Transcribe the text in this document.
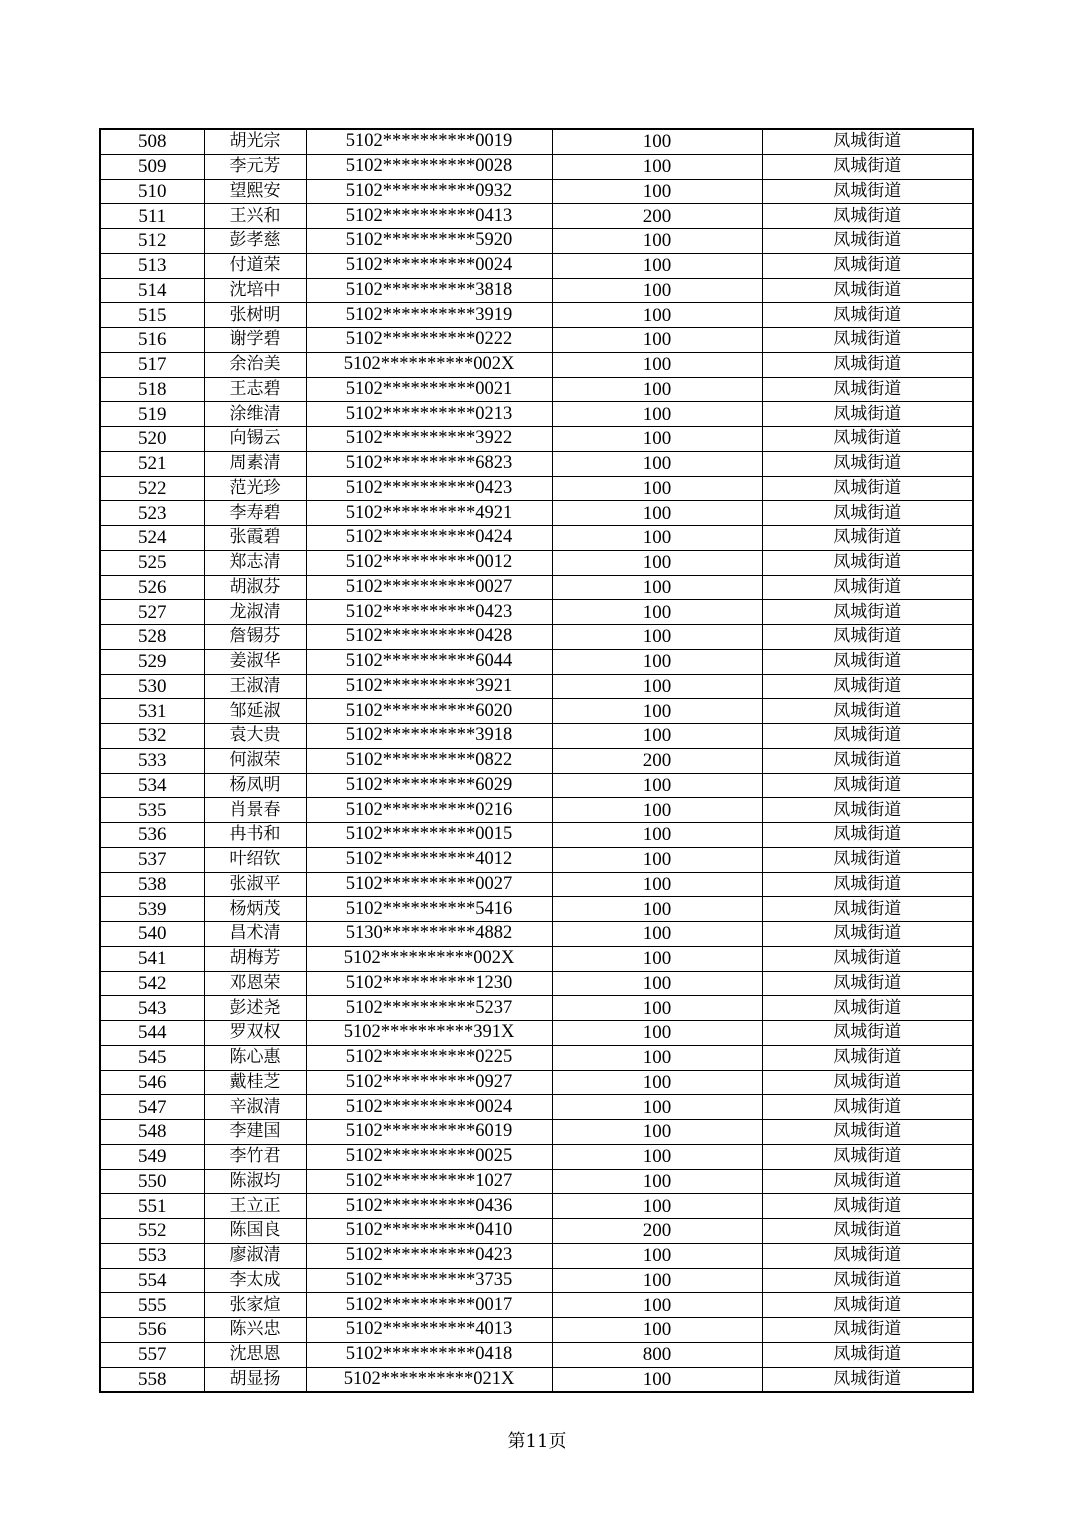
508	胡光宗	5102**********0019	100	凤城街道
509	李元芳	5102**********0028	100	凤城街道
510	望熙安	5102**********0932	100	凤城街道
511	王兴和	5102**********0413	200	凤城街道
512	彭孝慈	5102**********5920	100	凤城街道
513	付道荣	5102**********0024	100	凤城街道
514	沈培中	5102**********3818	100	凤城街道
515	张树明	5102**********3919	100	凤城街道
516	谢学碧	5102**********0222	100	凤城街道
517	余治美	5102**********002X	100	凤城街道
518	王志碧	5102**********0021	100	凤城街道
519	涂维清	5102**********0213	100	凤城街道
520	向锡云	5102**********3922	100	凤城街道
521	周素清	5102**********6823	100	凤城街道
522	范光珍	5102**********0423	100	凤城街道
523	李寿碧	5102**********4921	100	凤城街道
524	张霞碧	5102**********0424	100	凤城街道
525	郑志清	5102**********0012	100	凤城街道
526	胡淑芬	5102**********0027	100	凤城街道
527	龙淑清	5102**********0423	100	凤城街道
528	詹锡芬	5102**********0428	100	凤城街道
529	姜淑华	5102**********6044	100	凤城街道
530	王淑清	5102**********3921	100	凤城街道
531	邹延淑	5102**********6020	100	凤城街道
532	袁大贵	5102**********3918	100	凤城街道
533	何淑荣	5102**********0822	200	凤城街道
534	杨凤明	5102**********6029	100	凤城街道
535	肖景春	5102**********0216	100	凤城街道
536	冉书和	5102**********0015	100	凤城街道
537	叶绍钦	5102**********4012	100	凤城街道
538	张淑平	5102**********0027	100	凤城街道
539	杨炳茂	5102**********5416	100	凤城街道
540	昌术清	5130**********4882	100	凤城街道
541	胡梅芳	5102**********002X	100	凤城街道
542	邓恩荣	5102**********1230	100	凤城街道
543	彭述尧	5102**********5237	100	凤城街道
544	罗双权	5102**********391X	100	凤城街道
545	陈心惠	5102**********0225	100	凤城街道
546	戴桂芝	5102**********0927	100	凤城街道
547	辛淑清	5102**********0024	100	凤城街道
548	李建国	5102**********6019	100	凤城街道
549	李竹君	5102**********0025	100	凤城街道
550	陈淑均	5102**********1027	100	凤城街道
551	王立正	5102**********0436	100	凤城街道
552	陈国良	5102**********0410	200	凤城街道
553	廖淑清	5102**********0423	100	凤城街道
554	李太成	5102**********3735	100	凤城街道
555	张家煊	5102**********0017	100	凤城街道
556	陈兴忠	5102**********4013	100	凤城街道
557	沈思恩	5102**********0418	800	凤城街道
558	胡显扬	5102**********021X	100	凤城街道
第11页
